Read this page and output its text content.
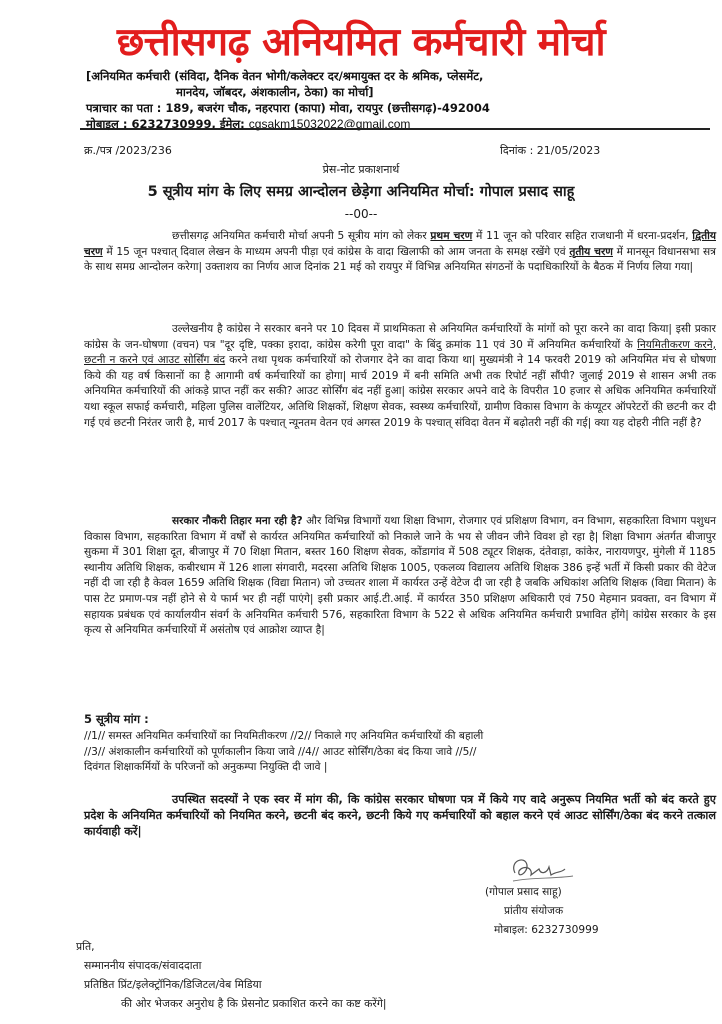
छत्तीसगढ़ अनियमित कर्मचारी मोर्चा
[अनियमित कर्मचारी (संविदा, दैनिक वेतन भोगी/कलेक्टर दर/श्रमायुक्त दर के श्रमिक, प्लेसमेंट,
मानदेय, जॉबदर, अंशकालीन, ठेका) का मोर्चा]
पत्राचार का पता : 189, बजरंग चौक, नहरपारा (कापा) मोवा, रायपुर (छत्तीसगढ़)-492004
मोबाइल : 6232730999, ईमेल: cgsakm15032022@gmail.com
क्र./पत्र /2023/236	दिनांक : 21/05/2023
प्रेस-नोट प्रकाशनार्थ
5 सूत्रीय मांग के लिए समग्र आन्दोलन छेड़ेगा अनियमित मोर्चा: गोपाल प्रसाद साहू
--00--
छत्तीसगढ़ अनियमित कर्मचारी मोर्चा अपनी 5 सूत्रीय मांग को लेकर प्रथम चरण में 11 जून को परिवार सहित राजधानी में धरना-प्रदर्शन, द्वितीय चरण में 15 जून पश्चात् दिवाल लेखन के माध्यम अपनी पीड़ा एवं कांग्रेस के वादा खिलाफी को आम जनता के समक्ष रखेंगे एवं तृतीय चरण में मानसून विधानसभा सत्र के साथ समग्र आन्दोलन करेगा| उक्ताशय का निर्णय आज दिनांक 21 मई को रायपुर में विभिन्न अनियमित संगठनों के पदाधिकारियों के बैठक में निर्णय लिया गया|
उल्लेखनीय है कांग्रेस ने सरकार बनने पर 10 दिवस में प्राथमिकता से अनियमित कर्मचारियों के मांगों को पूरा करने का वादा किया| इसी प्रकार कांग्रेस के जन-घोषणा (वचन) पत्र "दूर दृष्टि, पक्का इरादा, कांग्रेस करेगी पूरा वादा" के बिंदु क्रमांक 11 एवं 30 में अनियमित कर्मचारियों के नियमितीकरण करने, छटनी न करने एवं आउट सोर्सिंग बंद करने तथा पृथक कर्मचारियों को रोजगार देने का वादा किया था| मुख्यमंत्री ने 14 फरवरी 2019 को अनियमित मंच से घोषणा किये की यह वर्ष किसानों का है आगामी वर्ष कर्मचारियों का होगा| मार्च 2019 में बनी समिति अभी तक रिपोर्ट नहीं सौंपी? जुलाई 2019 से शासन अभी तक अनियमित कर्मचारियों की आंकड़े प्राप्त नहीं कर सकी? आउट सोर्सिंग बंद नहीं हुआ| कांग्रेस सरकार अपने वादे के विपरीत 10 हजार से अधिक अनियमित कर्मचारियों यथा स्कूल सफाई कर्मचारी, महिला पुलिस वालेंटियर, अतिथि शिक्षकों, शिक्षण सेवक, स्वस्थ्य कर्मचारियों, ग्रामीण विकास विभाग के कंप्यूटर ऑपरेटरों की छटनी कर दी गई एवं छटनी निरंतर जारी है, मार्च 2017 के पश्चात् न्यूनतम वेतन एवं अगस्त 2019 के पश्चात् संविदा वेतन में बढ़ोतरी नहीं की गई| क्या यह दोहरी नीति नहीं है?
सरकार नौकरी तिहार मना रही है? और विभिन्न विभागों यथा शिक्षा विभाग, रोजगार एवं प्रशिक्षण विभाग, वन विभाग, सहकारिता विभाग पशुधन विकास विभाग, सहकारिता विभाग में वर्षों से कार्यरत अनियमित कर्मचारियों को निकाले जाने के भय से जीवन जीने विवश हो रहा है| शिक्षा विभाग अंतर्गत बीजापुर सुकमा में 301 शिक्षा दूत, बीजापुर में 70 शिक्षा मितान, बस्तर 160 शिक्षण सेवक, कोंडागांव में 508 ट्यूटर शिक्षक, दंतेवाड़ा, कांकेर, नारायणपुर, मुंगेली में 1185 स्थानीय अतिथि शिक्षक, कबीरधाम में 126 शाला संगवारी, मदरसा अतिथि शिक्षक 1005, एकलव्य विद्यालय अतिथि शिक्षक 386 इन्हें भर्ती में किसी प्रकार की वेटेज नहीं दी जा रही है केवल 1659 अतिथि शिक्षक (विद्या मितान) जो उच्चतर शाला में कार्यरत उन्हें वेटेज दी जा रही है जबकि अधिकांश अतिथि शिक्षक (विद्या मितान) के पास टेट प्रमाण-पत्र नहीं होने से ये फार्म भर ही नहीं पाएंगे| इसी प्रकार आई.टी.आई. में कार्यरत 350 प्रशिक्षण अधिकारी एवं 750 मेहमान प्रवक्ता, वन विभाग में सहायक प्रबंधक एवं कार्यालयीन संवर्ग के अनियमित कर्मचारी 576, सहकारिता विभाग के 522 से अधिक अनियमित कर्मचारी प्रभावित होंगे| कांग्रेस सरकार के इस कृत्य से अनियमित कर्मचारियों में असंतोष एवं आक्रोश व्याप्त है|
5 सूत्रीय मांग :
//1// समस्त अनियमित कर्मचारियों का नियमितीकरण //2// निकाले गए अनियमित कर्मचारियों की बहाली
//3// अंशकालीन कर्मचारियों को पूर्णकालीन किया जावे //4// आउट सोर्सिंग/ठेका बंद किया जावे //5//
दिवंगत शिक्षाकर्मियों के परिजनों को अनुकम्पा नियुक्ति दी जावे |
उपस्थित सदस्यों ने एक स्वर में मांग की, कि कांग्रेस सरकार घोषणा पत्र में किये गए वादे अनुरूप नियमित भर्ती को बंद करते हुए प्रदेश के अनियमित कर्मचारियों को नियमित करने, छटनी बंद करने, छटनी किये गए कर्मचारियों को बहाल करने एवं आउट सोर्सिंग/ठेका बंद करने तत्काल कार्यवाही करें|
(गोपाल प्रसाद साहू)
प्रांतीय संयोजक
मोबाइल: 6232730999
प्रति,
सम्माननीय संपादक/संवाददाता
प्रतिष्ठित प्रिंट/इलेक्ट्रॉनिक/डिजिटल/वेब मिडिया
की ओर भेजकर अनुरोध है कि प्रेसनोट प्रकाशित करने का कष्ट करेंगे|
